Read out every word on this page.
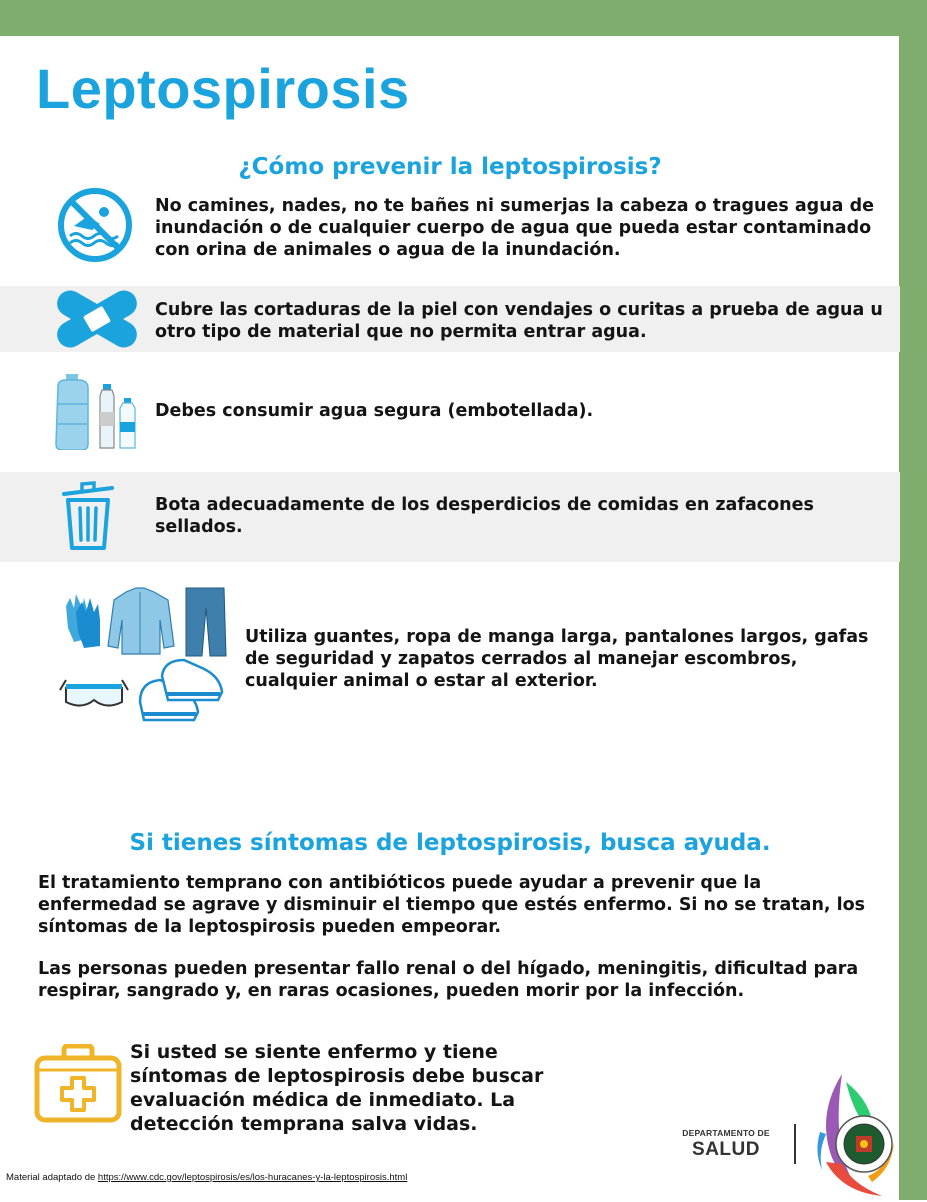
Leptospirosis
¿Cómo prevenir la leptospirosis?
No camines, nades, no te bañes ni sumerjas la cabeza o tragues agua de inundación o de cualquier cuerpo de agua que pueda estar contaminado con orina de animales o agua de la inundación.
Cubre las cortaduras de la piel con vendajes o curitas a prueba de agua u otro tipo de material que no permita entrar agua.
Debes consumir agua segura (embotellada).
Bota adecuadamente de los desperdicios de comidas en zafacones sellados.
Utiliza guantes, ropa de manga larga, pantalones largos, gafas de seguridad y zapatos cerrados al manejar escombros, cualquier animal o estar al exterior.
Si tienes síntomas de leptospirosis, busca ayuda.
El tratamiento temprano con antibióticos puede ayudar a prevenir que la enfermedad se agrave y disminuir el tiempo que estés enfermo. Si no se tratan, los síntomas de la leptospirosis pueden empeorar.
Las personas pueden presentar fallo renal o del hígado, meningitis, dificultad para respirar, sangrado y, en raras ocasiones, pueden morir por la infección.
Si usted se siente enfermo y tiene síntomas de leptospirosis debe buscar evaluación médica de inmediato. La detección temprana salva vidas.	DEPARTAMENTO DE
SALUD
Material adaptado de https://www.cdc.gov/leptospirosis/es/los-huracanes-y-la-leptospirosis.html
